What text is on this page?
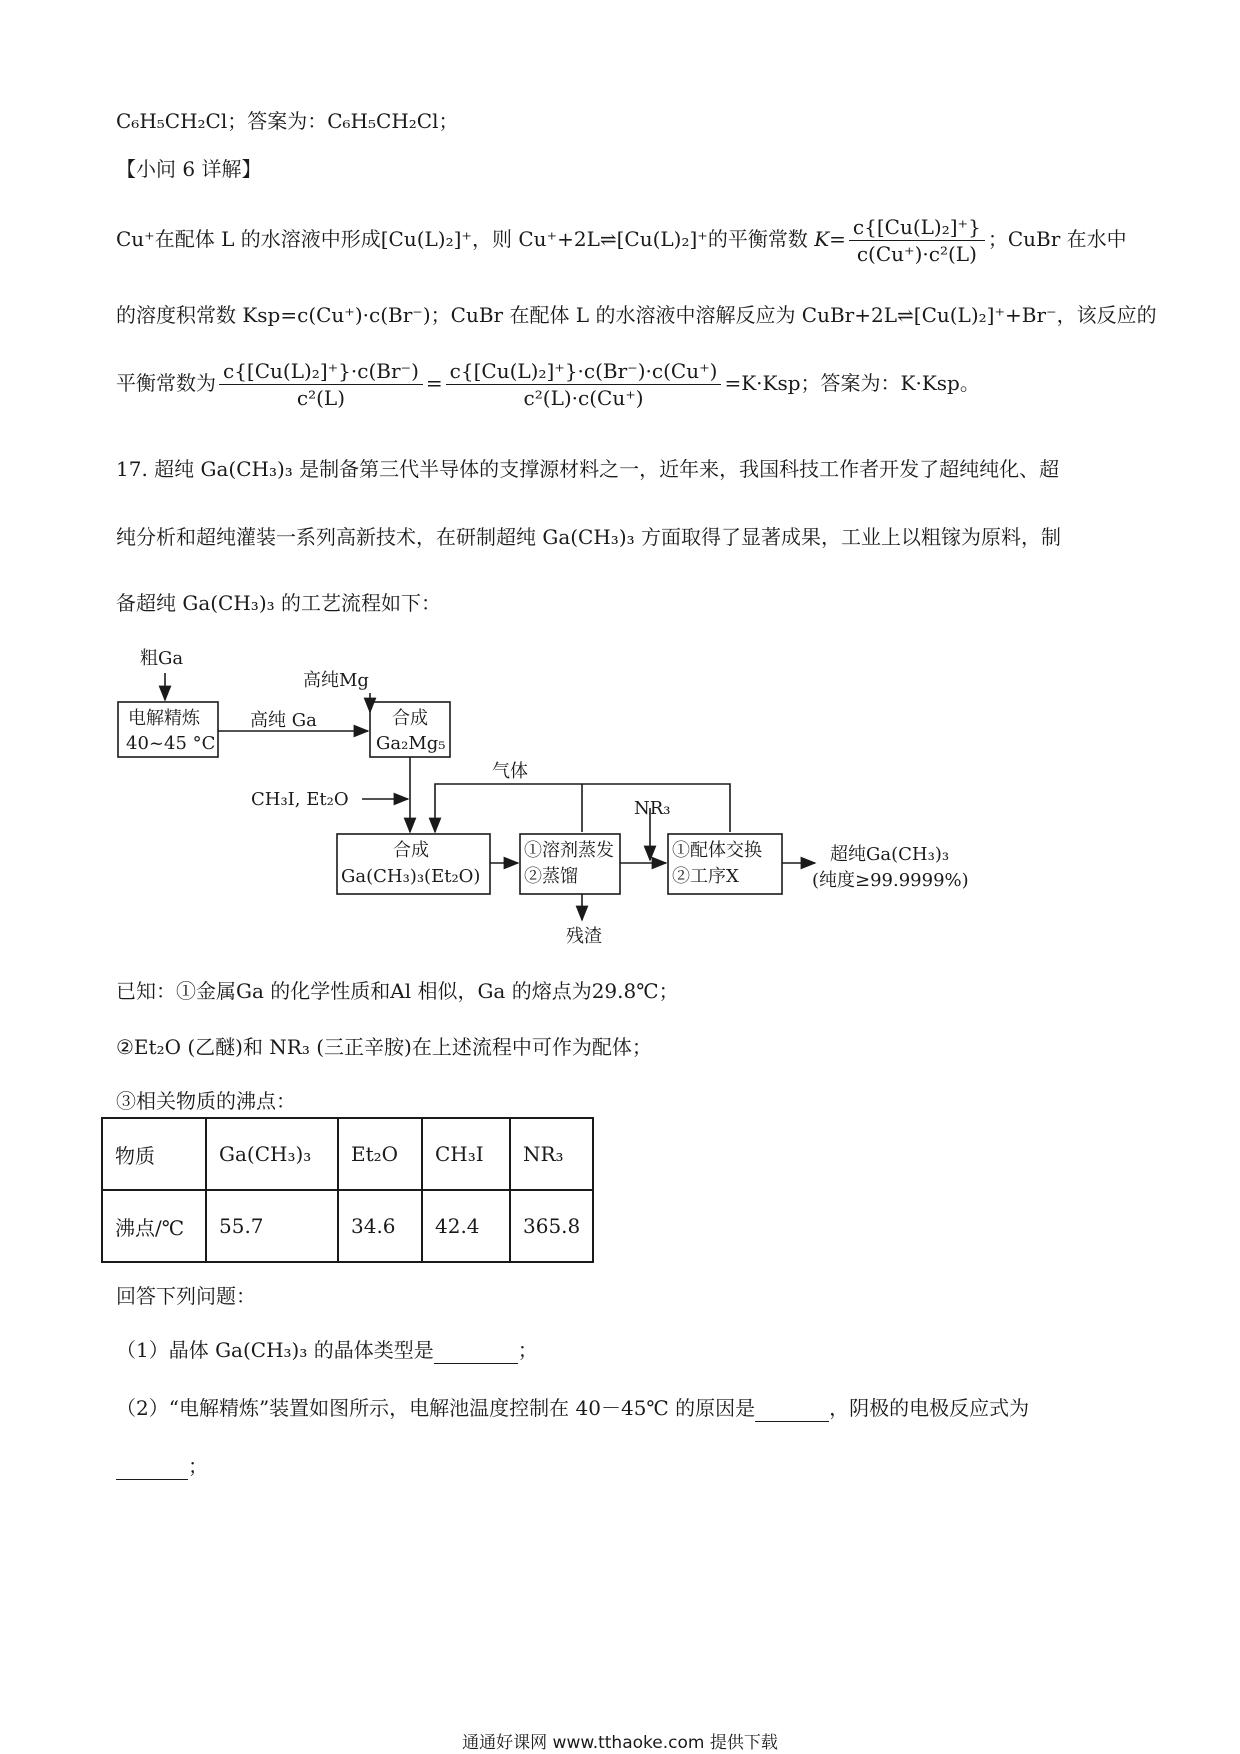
C₆H₅CH₂Cl；答案为：C₆H₅CH₂Cl；
【小问 6 详解】
Cu⁺在配体 L 的水溶液中形成[Cu(L)₂]⁺，则 Cu⁺+2L⇌[Cu(L)₂]⁺的平衡常数 $K= \frac{\text{c\{[Cu(L)₂]⁺\}}}{\text{c(Cu⁺)·c²(L)}}$ ；CuBr 在水中
的溶度积常数 Ksp=c(Cu⁺)·c(Br⁻)；CuBr 在配体 L 的水溶液中溶解反应为 CuBr+2L⇌[Cu(L)₂]⁺+Br⁻，该反应的
平衡常数为 $\frac{\text{c\{[Cu(L)₂]⁺\}·c(Br⁻)}}{\text{c²(L)}} = \frac{\text{c\{[Cu(L)₂]⁺\}·c(Br⁻)·c(Cu⁺)}}{\text{c²(L)·c(Cu⁺)}} =K\cdot Ksp$；答案为：K·Ksp。
17. 超纯 Ga(CH₃)₃ 是制备第三代半导体的支撑源材料之一，近年来，我国科技工作者开发了超纯纯化、超
纯分析和超纯灌装一系列高新技术，在研制超纯 Ga(CH₃)₃ 方面取得了显著成果，工业上以粗镓为原料，制
备超纯 Ga(CH₃)₃ 的工艺流程如下：
粗Ga
电解精炼
40~45 °C
高纯 Ga
高纯Mg
合成
Ga₂Mg₅
气体
CH₃I, Et₂O	NR₃
合成
Ga(CH₃)₃(Et₂O)
①溶剂蒸发
②蒸馏
①配体交换
②工序X
超纯Ga(CH₃)₃
(纯度≥99.9999%)
残渣
已知：①金属Ga 的化学性质和Al 相似，Ga 的熔点为29.8℃；
②Et₂O (乙醚)和 NR₃ (三正辛胺)在上述流程中可作为配体；
③相关物质的沸点：
物质	Ga(CH₃)₃	Et₂O	CH₃I	NR₃
沸点/℃	55.7	34.6	42.4	365.8
回答下列问题：
（1）晶体 Ga(CH₃)₃ 的晶体类型是	；
（2）“电解精炼”装置如图所示，电解池温度控制在 40－45℃ 的原因是	，阴极的电极反应式为
；
通通好课网 www.tthaoke.com 提供下载
